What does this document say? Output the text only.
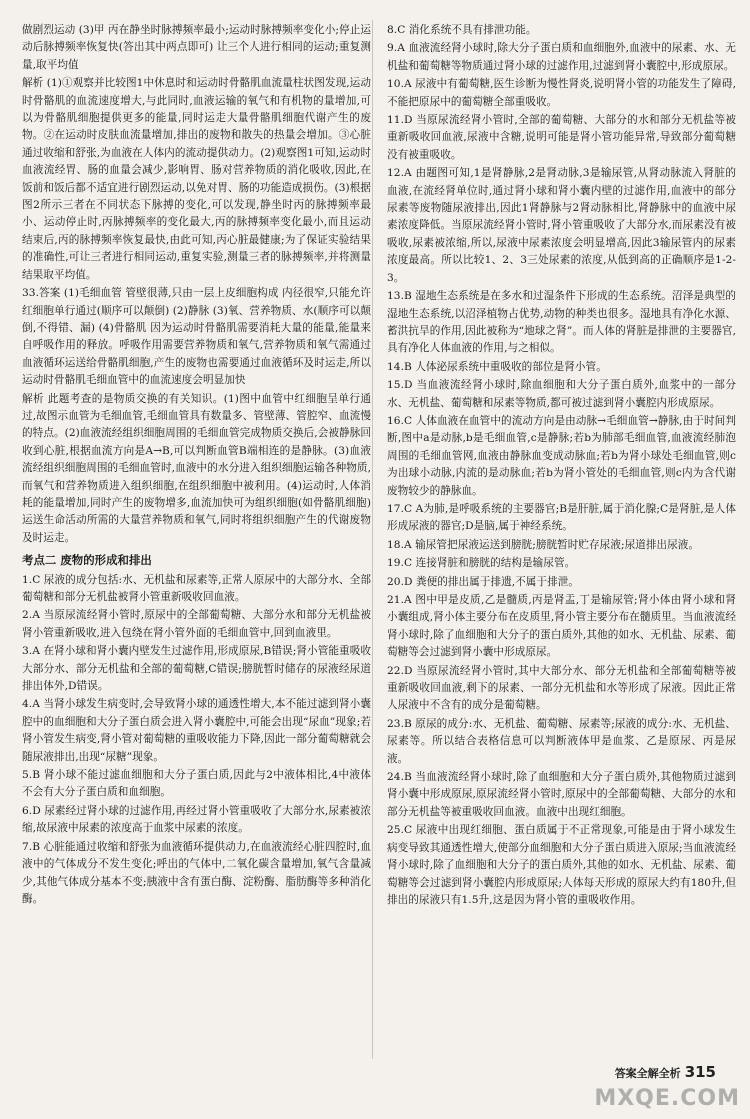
做剧烈运动 (3)甲 丙在静坐时脉搏频率最小;运动时脉搏频率变化小;停止运动后脉搏频率恢复快(答出其中两点即可) 让三个人进行相同的运动;重复测量,取平均值

解析 (1)①观察并比较图1中休息时和运动时骨骼肌血流量柱状图发现,运动时骨骼肌的血流速度增大,与此同时,血液运输的氧气和有机物的量增加,可以为骨骼肌细胞提供更多的能量,同时运走大量骨骼肌细胞代谢产生的废物。②在运动时皮肤血流量增加,排出的废物和散失的热量会增加。③心脏通过收缩和舒张,为血液在人体内的流动提供动力。(2)观察图1可知,运动时血液流经胃、肠的血量会减少,影响胃、肠对营养物质的消化吸收,因此,在饭前和饭后都不适宜进行剧烈运动,以免对胃、肠的功能造成损伤。(3)根据图2所示三者在不同状态下脉搏的变化,可以发现,静坐时丙的脉搏频率最小、运动停止时,丙脉搏频率的变化最大,丙的脉搏频率变化最小,而且运动结束后,丙的脉搏频率恢复最快,由此可知,丙心脏最健康;为了保证实验结果的准确性,可让三者进行相同运动,重复实验,测量三者的脉搏频率,并将测量结果取平均值。

33.答案 (1)毛细血管 管壁很薄,只由一层上皮细胞构成 内径很窄,只能允许红细胞单行通过(顺序可以颠倒) (2)静脉 (3)氧、营养物质、水(顺序可以颠倒,不得错、漏) (4)骨骼肌 因为运动时骨骼肌需要消耗大量的能量,能量来自呼吸作用的释放。呼吸作用需要营养物质和氧气,营养物质和氧气需通过血液循环运送给骨骼肌细胞,产生的废物也需要通过血液循环及时运走,所以运动时骨骼肌毛细血管中的血流速度会明显加快

解析 此题考查的是物质交换的有关知识。(1)图中血管中红细胞呈单行通过,故图示血管为毛细血管,毛细血管具有数量多、管壁薄、管腔窄、血流慢的特点。(2)血液流经组织细胞周围的毛细血管完成物质交换后,会被静脉回收到心脏,根据血流方向是A→B,可以判断血管B端相连的是静脉。(3)血液流经组织细胞周围的毛细血管时,血液中的水分进入组织细胞运输各种物质,而氧气和营养物质进入组织细胞,在组织细胞中被利用。(4)运动时,人体消耗的能量增加,同时产生的废物增多,血流加快可为组织细胞(如骨骼肌细胞)运送生命活动所需的大量营养物质和氧气,同时将组织细胞产生的代谢废物及时运走。

考点二 废物的形成和排出

1.C 尿液的成分包括:水、无机盐和尿素等,正常人原尿中的大部分水、全部葡萄糖和部分无机盐被肾小管重新吸收回血液。

2.A 当原尿流经肾小管时,原尿中的全部葡萄糖、大部分水和部分无机盐被肾小管重新吸收,进入包绕在肾小管外面的毛细血管中,回到血液里。

3.A 在肾小球和肾小囊内壁发生过滤作用,形成原尿,B错误;肾小管能重吸收大部分水、部分无机盐和全部的葡萄糖,C错误;膀胱暂时储存的尿液经尿道排出体外,D错误。

4.A 当肾小球发生病变时,会导致肾小球的通透性增大,本不能过滤到肾小囊腔中的血细胞和大分子蛋白质会进入肾小囊腔中,可能会出现“尿血”现象;若肾小管发生病变,肾小管对葡萄糖的重吸收能力下降,因此一部分葡萄糖就会随尿液排出,出现“尿糖”现象。

5.B 肾小球不能过滤血细胞和大分子蛋白质,因此与2中液体相比,4中液体不会有大分子蛋白质和血细胞。

6.D 尿素经过肾小球的过滤作用,再经过肾小管重吸收了大部分水,尿素被浓缩,故尿液中尿素的浓度高于血浆中尿素的浓度。

7.B 心脏能通过收缩和舒张为血液循环提供动力,在血液流经心脏四腔时,血液中的气体成分不发生变化;呼出的气体中,二氧化碳含量增加,氧气含量减少,其他气体成分基本不变;胰液中含有蛋白酶、淀粉酶、脂肪酶等多种消化酶。

8.C 消化系统不具有排泄功能。

9.A 血液流经肾小球时,除大分子蛋白质和血细胞外,血液中的尿素、水、无机盐和葡萄糖等物质通过肾小球的过滤作用,过滤到肾小囊腔中,形成原尿。

10.A 尿液中有葡萄糖,医生诊断为慢性肾炎,说明肾小管的功能发生了障碍,不能把原尿中的葡萄糖全部重吸收。

11.D 当原尿流经肾小管时,全部的葡萄糖、大部分的水和部分无机盐等被重新吸收回血液,尿液中含糖,说明可能是肾小管功能异常,导致部分葡萄糖没有被重吸收。

12.A 由题图可知,1是肾静脉,2是肾动脉,3是输尿管,从肾动脉流入肾脏的血液,在流经肾单位时,通过肾小球和肾小囊内壁的过滤作用,血液中的部分尿素等废物随尿液排出,因此1肾静脉与2肾动脉相比,肾静脉中的血液中尿素浓度降低。当原尿流经肾小管时,肾小管重吸收了大部分水,而尿素没有被吸收,尿素被浓缩,所以,尿液中尿素浓度会明显增高,因此3输尿管内的尿素浓度最高。所以比较1、2、3三处尿素的浓度,从低到高的正确顺序是1-2-3。

13.B 湿地生态系统是在多水和过湿条件下形成的生态系统。沼泽是典型的湿地生态系统,以沼泽植物占优势,动物的种类也很多。湿地具有净化水源、蓄洪抗旱的作用,因此被称为“地球之肾”。而人体的肾脏是排泄的主要器官,具有净化人体血液的作用,与之相似。

14.B 人体泌尿系统中重吸收的部位是肾小管。

15.D 当血液流经肾小球时,除血细胞和大分子蛋白质外,血浆中的一部分水、无机盐、葡萄糖和尿素等物质,都可被过滤到肾小囊腔内形成原尿。

16.C 人体血液在血管中的流动方向是由动脉→毛细血管→静脉,由于时间判断,图中a是动脉,b是毛细血管,c是静脉;若b为肺部毛细血管,血液流经肺泡周围的毛细血管网,血液由静脉血变成动脉血;若b为肾小球处毛细血管,则c为出球小动脉,内流的是动脉血;若b为肾小管处的毛细血管,则c内为含代谢废物较少的静脉血。

17.C A为肺,是呼吸系统的主要器官;B是肝脏,属于消化腺;C是肾脏,是人体形成尿液的器官;D是脑,属于神经系统。

18.A 输尿管把尿液运送到膀胱;膀胱暂时贮存尿液;尿道排出尿液。

19.C 连接肾脏和膀胱的结构是输尿管。

20.D 粪便的排出属于排遗,不属于排泄。

21.A 图中甲是皮质,乙是髓质,丙是肾盂,丁是输尿管;肾小体由肾小球和肾小囊组成,肾小体主要分布在皮质里,肾小管主要分布在髓质里。当血液流经肾小球时,除了血细胞和大分子的蛋白质外,其他的如水、无机盐、尿素、葡萄糖等会过滤到肾小囊中形成原尿。

22.D 当原尿流经肾小管时,其中大部分水、部分无机盐和全部葡萄糖等被重新吸收回血液,剩下的尿素、一部分无机盐和水等形成了尿液。因此正常人尿液中不含有的成分是葡萄糖。

23.B 原尿的成分:水、无机盐、葡萄糖、尿素等;尿液的成分:水、无机盐、尿素等。所以结合表格信息可以判断液体甲是血浆、乙是原尿、丙是尿液。

24.B 当血液流经肾小球时,除了血细胞和大分子蛋白质外,其他物质过滤到肾小囊中形成原尿,原尿流经肾小管时,原尿中的全部葡萄糖、大部分的水和部分无机盐等被重吸收回血液。血液中出现红细胞。

25.C 尿液中出现红细胞、蛋白质属于不正常现象,可能是由于肾小球发生病变导致其通透性增大,使部分血细胞和大分子蛋白质进入原尿;当血液流经肾小球时,除了血细胞和大分子的蛋白质外,其他的如水、无机盐、尿素、葡萄糖等会过滤到肾小囊腔内形成原尿;人体每天形成的原尿大约有180升,但排出的尿液只有1.5升,这是因为肾小管的重吸收作用。

答案全解全析 315
MXQE.COM
